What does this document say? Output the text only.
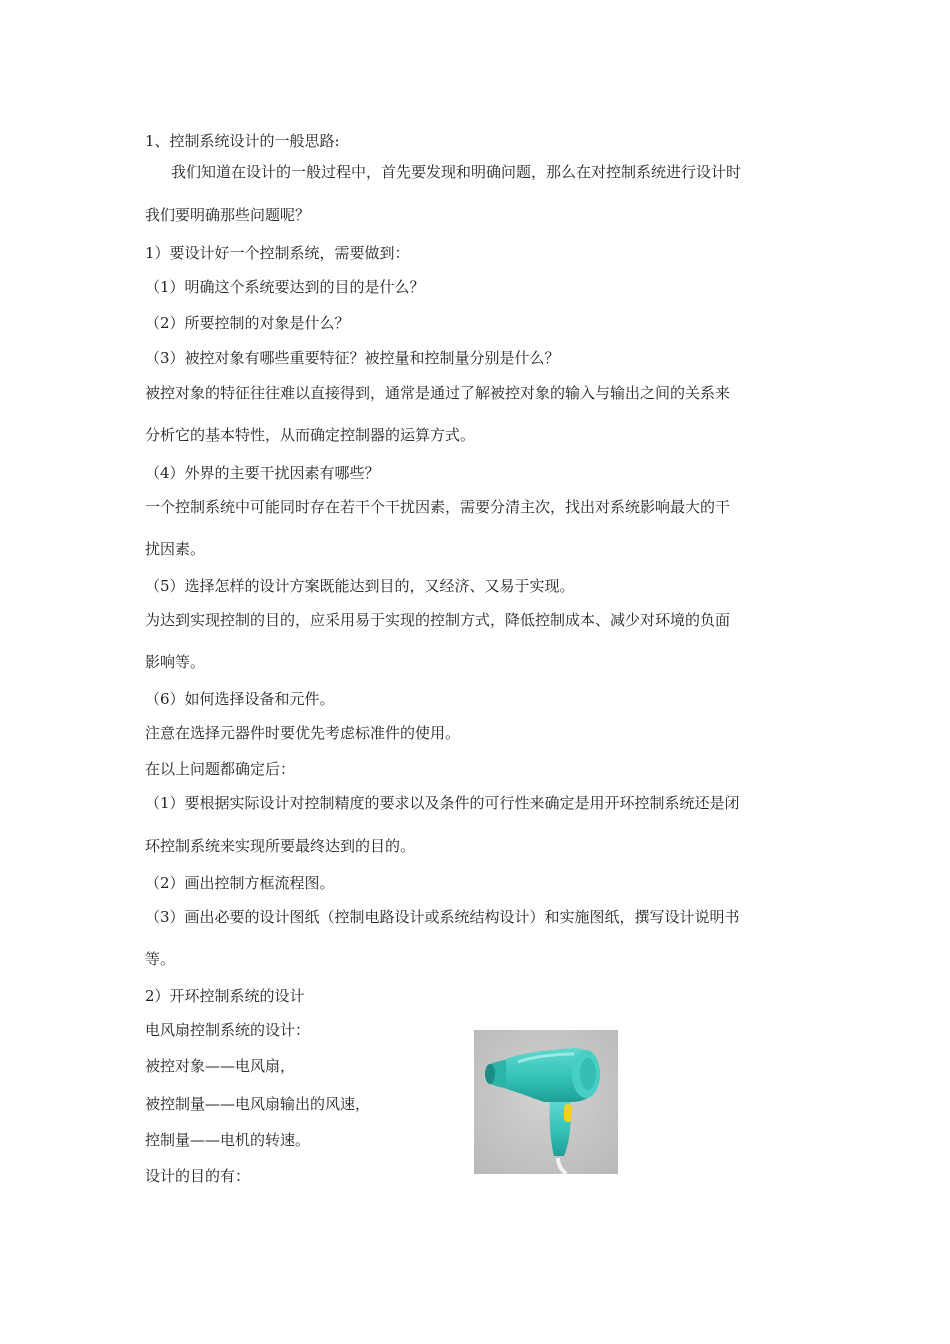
1、控制系统设计的一般思路:
我们知道在设计的一般过程中，首先要发现和明确问题，那么在对控制系统进行设计时
我们要明确那些问题呢？
1）要设计好一个控制系统，需要做到：
（1）明确这个系统要达到的目的是什么？
（2）所要控制的对象是什么？
（3）被控对象有哪些重要特征？被控量和控制量分别是什么？
被控对象的特征往往难以直接得到，通常是通过了解被控对象的输入与输出之间的关系来
分析它的基本特性，从而确定控制器的运算方式。
（4）外界的主要干扰因素有哪些？
一个控制系统中可能同时存在若干个干扰因素，需要分清主次，找出对系统影响最大的干
扰因素。
（5）选择怎样的设计方案既能达到目的，又经济、又易于实现。
为达到实现控制的目的，应采用易于实现的控制方式，降低控制成本、减少对环境的负面
影响等。
（6）如何选择设备和元件。
注意在选择元器件时要优先考虑标准件的使用。
在以上问题都确定后：
（1）要根据实际设计对控制精度的要求以及条件的可行性来确定是用开环控制系统还是闭
环控制系统来实现所要最终达到的目的。
（2）画出控制方框流程图。
（3）画出必要的设计图纸（控制电路设计或系统结构设计）和实施图纸，撰写设计说明书
等。
2）开环控制系统的设计
电风扇控制系统的设计：
被控对象——电风扇，
被控制量——电风扇输出的风速，
控制量——电机的转速。
设计的目的有：
